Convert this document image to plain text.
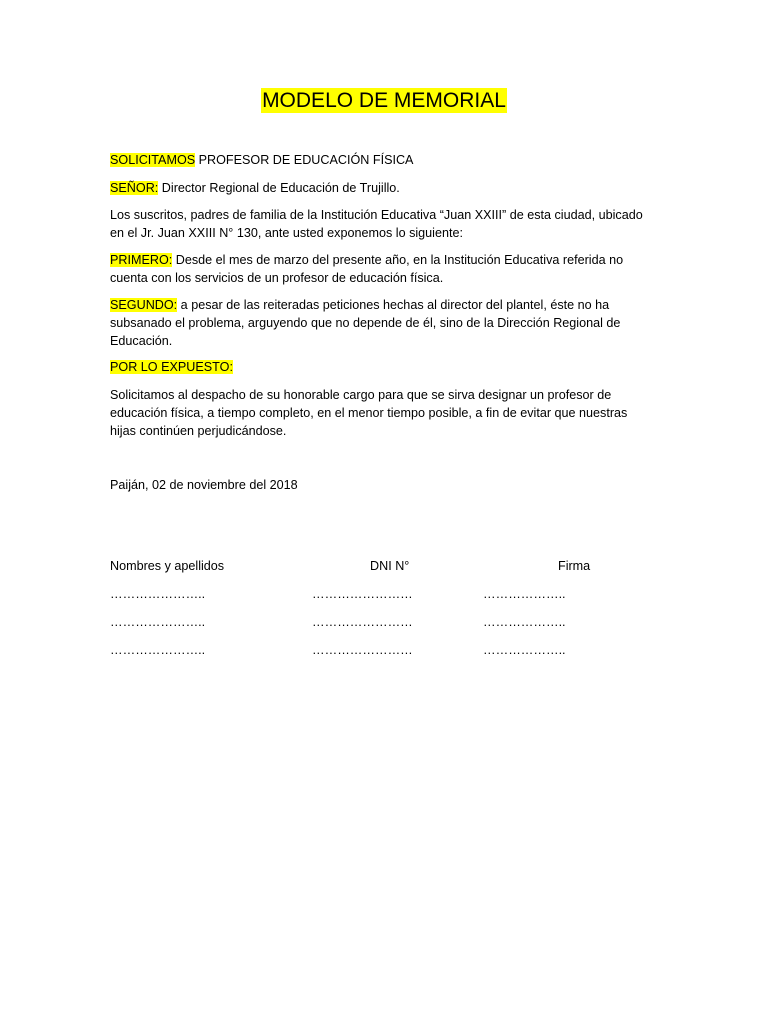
MODELO DE MEMORIAL
SOLICITAMOS PROFESOR DE EDUCACIÓN FÍSICA
SEÑOR: Director Regional de Educación de Trujillo.
Los suscritos, padres de familia de la Institución Educativa “Juan XXIII” de esta ciudad, ubicado
en el Jr. Juan XXIII N° 130, ante usted exponemos lo siguiente:
PRIMERO: Desde el mes de marzo del presente año, en la Institución Educativa referida no
cuenta con los servicios de un profesor de educación física.
SEGUNDO: a pesar de las reiteradas peticiones hechas al director del plantel, éste no ha
subsanado el problema, arguyendo que no depende de él, sino de la Dirección Regional de
Educación.
POR LO EXPUESTO:
Solicitamos al despacho de su honorable cargo para que se sirva designar un profesor de
educación física, a tiempo completo, en el menor tiempo posible, a fin de evitar que nuestras
hijas continúen perjudicándose.
Paiján, 02 de noviembre del 2018
Nombres y apellidos	DNI N°	Firma
…………………..	……………………	………………..
…………………..	……………………	………………..
…………………..	……………………	………………..
